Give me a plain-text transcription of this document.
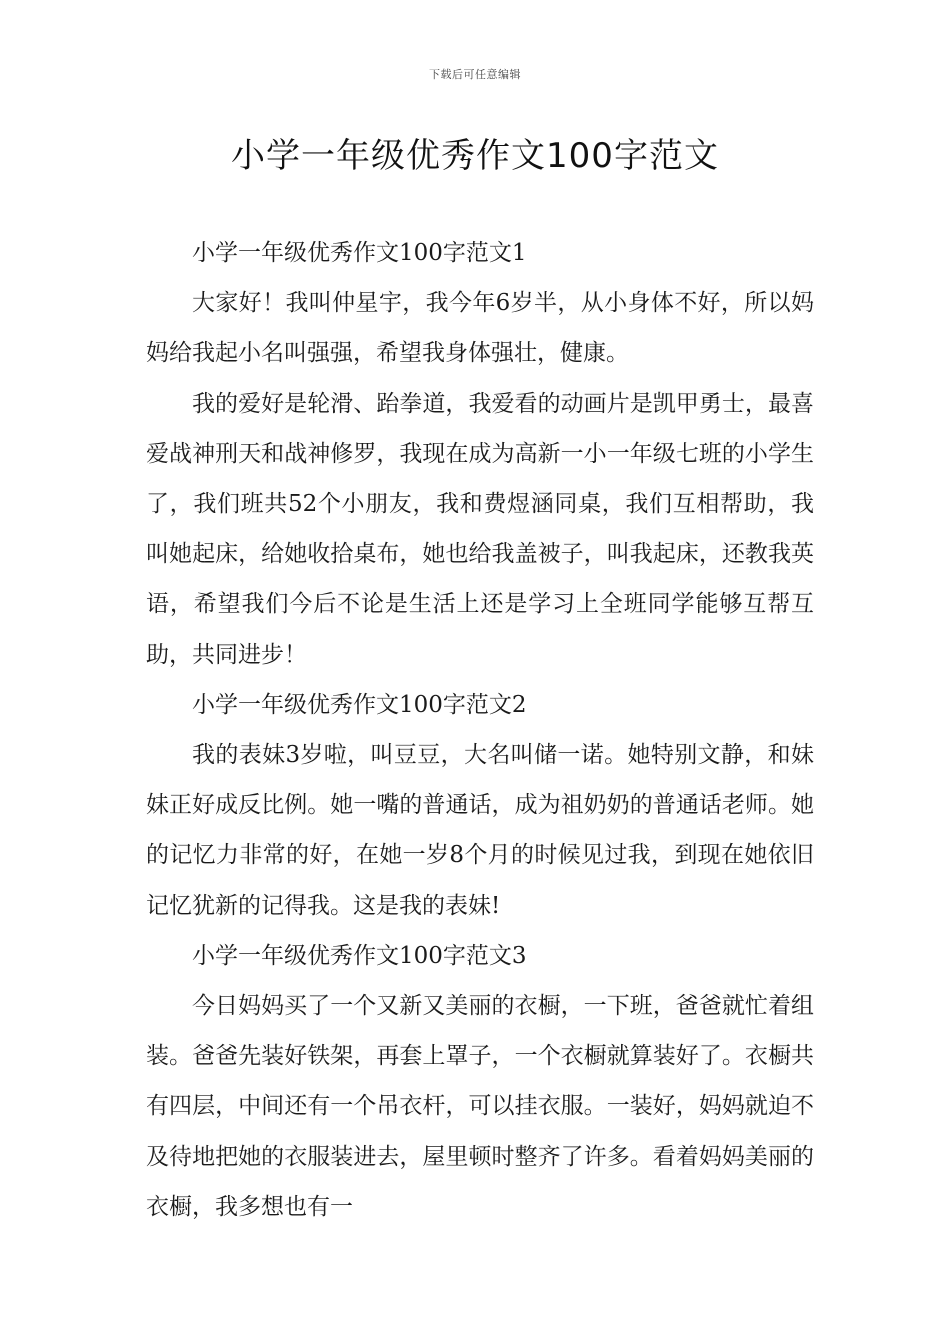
下载后可任意编辑
小学一年级优秀作文100字范文

小学一年级优秀作文100字范文1

大家好！我叫仲星宇，我今年6岁半，从小身体不好，所以妈妈给我起小名叫强强，希望我身体强壮，健康。

我的爱好是轮滑、跆拳道，我爱看的动画片是凯甲勇士，最喜爱战神刑天和战神修罗，我现在成为高新一小一年级七班的小学生了，我们班共52个小朋友，我和费煜涵同桌，我们互相帮助，我叫她起床，给她收拾桌布，她也给我盖被子，叫我起床，还教我英语，希望我们今后不论是生活上还是学习上全班同学能够互帮互助，共同进步！

小学一年级优秀作文100字范文2

我的表妹3岁啦，叫豆豆，大名叫储一诺。她特别文静，和妹妹正好成反比例。她一嘴的普通话，成为祖奶奶的普通话老师。她的记忆力非常的好，在她一岁8个月的时候见过我，到现在她依旧记忆犹新的记得我。这是我的表妹!

小学一年级优秀作文100字范文3

今日妈妈买了一个又新又美丽的衣橱，一下班，爸爸就忙着组装。爸爸先装好铁架，再套上罩子，一个衣橱就算装好了。衣橱共有四层，中间还有一个吊衣杆，可以挂衣服。一装好，妈妈就迫不及待地把她的衣服装进去，屋里顿时整齐了许多。看着妈妈美丽的衣橱，我多想也有一
